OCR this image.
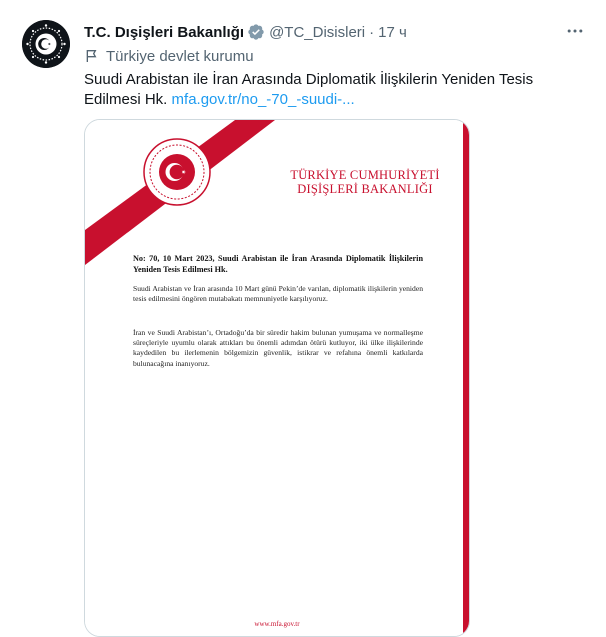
T.C. Dışişleri Bakanlığı @TC_Disisleri · 17 ч
Türkiye devlet kurumu
Suudi Arabistan ile İran Arasında Diplomatik İlişkilerin Yeniden Tesis Edilmesi Hk. mfa.gov.tr/no_-70_-suudi-...
TÜRKİYE CUMHURİYETİ
DIŞİŞLERİ BAKANLIĞI
No: 70, 10 Mart 2023, Suudi Arabistan ile İran Arasında Diplomatik İlişkilerin Yeniden Tesis Edilmesi Hk.
Suudi Arabistan ve İran arasında 10 Mart günü Pekin’de varılan, diplomatik ilişkilerin yeniden tesis edilmesini öngören mutabakatı memnuniyetle karşılıyoruz.
İran ve Suudi Arabistan’ı, Ortadoğu’da bir süredir hakim bulunan yumuşama ve normalleşme süreçleriyle uyumlu olarak attıkları bu önemli adımdan ötürü kutluyor, iki ülke ilişkilerinde kaydedilen bu ilerlemenin bölgemizin güvenlik, istikrar ve refahına önemli katkılarda bulunacağına inanıyoruz.
www.mfa.gov.tr
